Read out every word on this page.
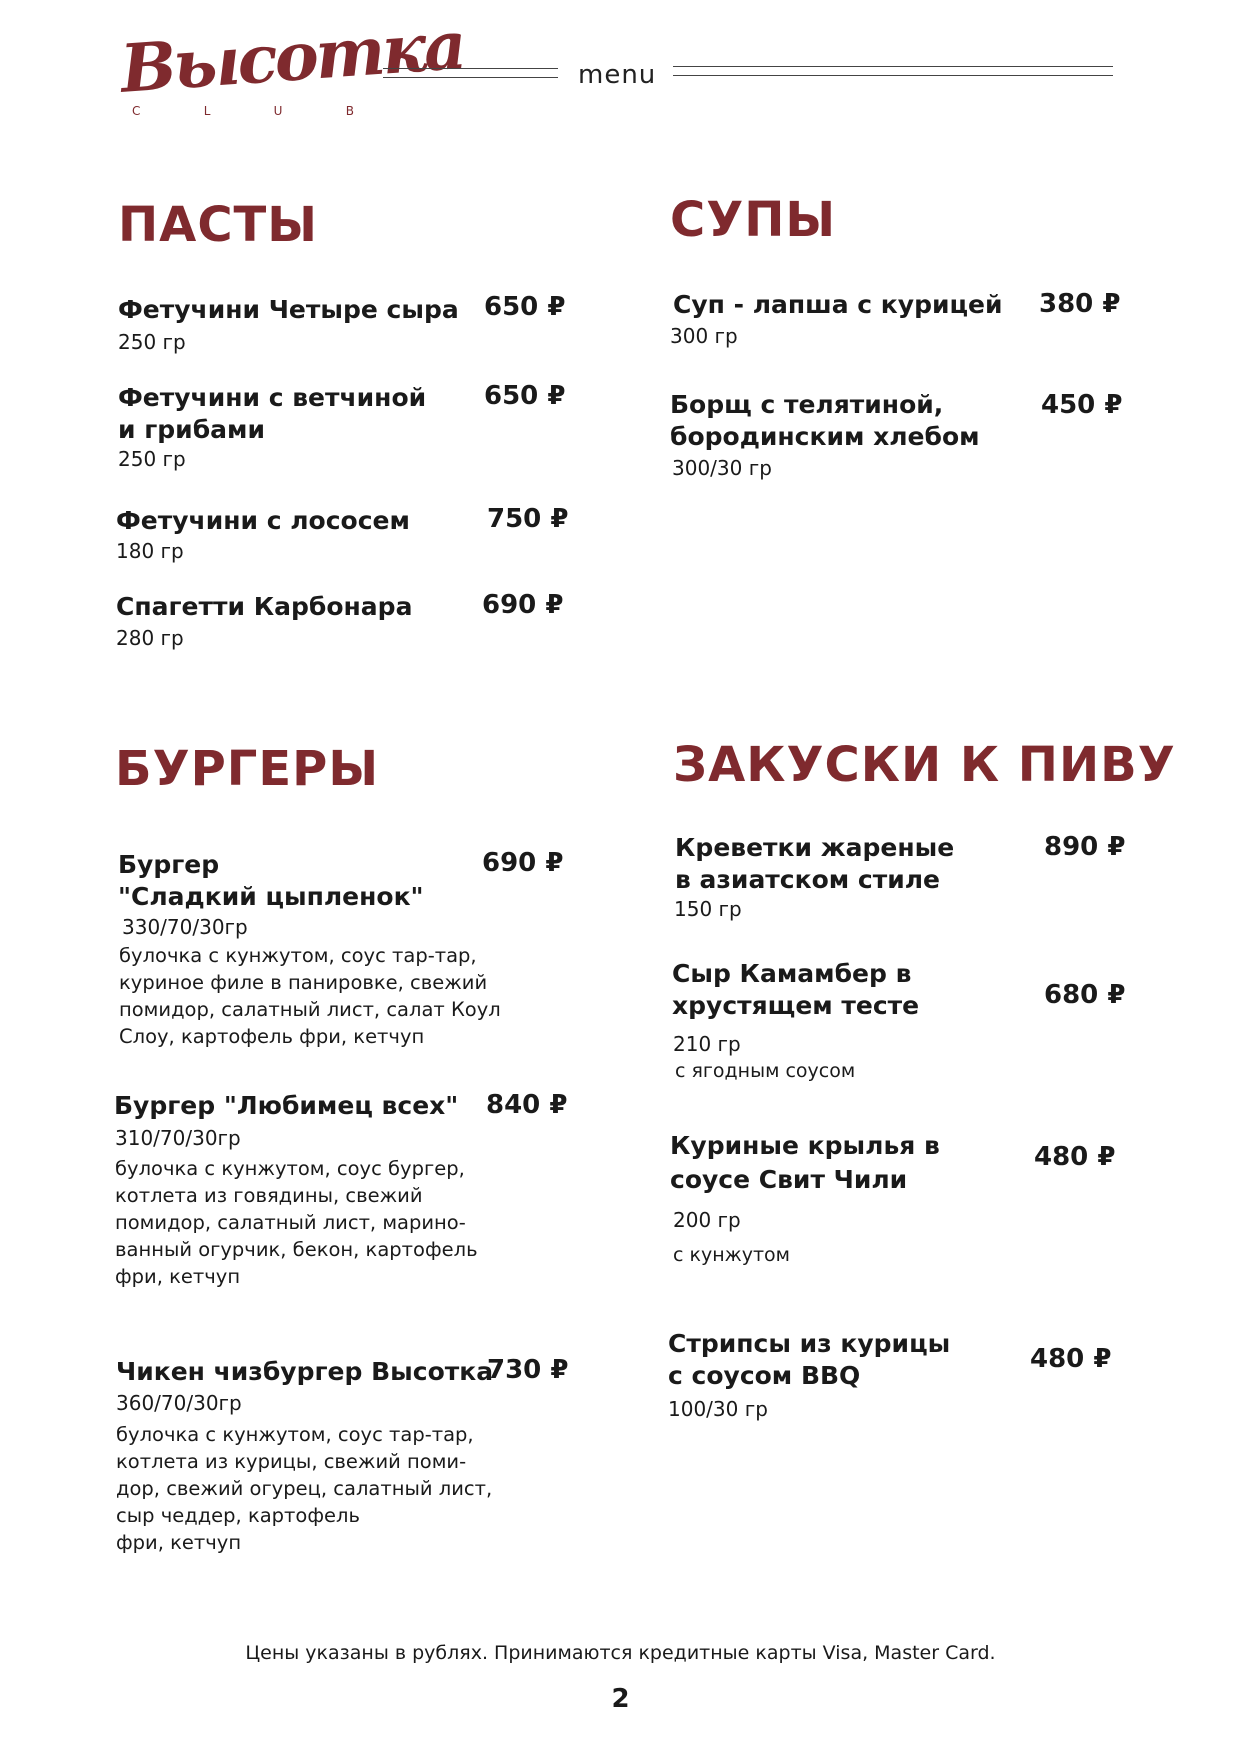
Высотка
C	L	U	B
menu
ПАСТЫ
Фетучини Четыре сыра 650 ₽
250 гр
Фетучини с ветчиной
и грибами
650 ₽
250 гр
Фетучини с лососем	750 ₽
180 гр
Спагетти Карбонара	690 ₽
280 гр
СУПЫ
Суп - лапша с курицей 380 ₽
300 гр
Борщ с телятиной,
бородинским хлебом
450 ₽
300/30 гр
БУРГЕРЫ
Бургер
"Сладкий цыпленок"
690 ₽
330/70/30гр
булочка с кунжутом, соус тар-тар,
куриное филе в панировке, свежий
помидор, салатный лист, салат Коул
Слоу, картофель фри, кетчуп
Бургер "Любимец всех" 840 ₽
310/70/30гр
булочка с кунжутом, соус бургер,
котлета из говядины, свежий
помидор, салатный лист, марино-
ванный огурчик, бекон, картофель
фри, кетчуп
Чикен чизбургер Высотка
730 ₽
360/70/30гр
булочка с кунжутом, соус тар-тар,
котлета из курицы, свежий поми-
дор, свежий огурец, салатный лист,
сыр чеддер, картофель
фри, кетчуп
ЗАКУСКИ К ПИВУ
Креветки жареные
в азиатском стиле
890 ₽
150 гр
Сыр Камамбер в
хрустящем тесте	680 ₽
210 гр
с ягодным соусом
Куриные крылья в
соусе Свит Чили
480 ₽
200 гр
с кунжутом
Стрипсы из курицы
с соусом BBQ
480 ₽
100/30 гр
Цены указаны в рублях. Принимаются кредитные карты Visa, Master Card.
2
